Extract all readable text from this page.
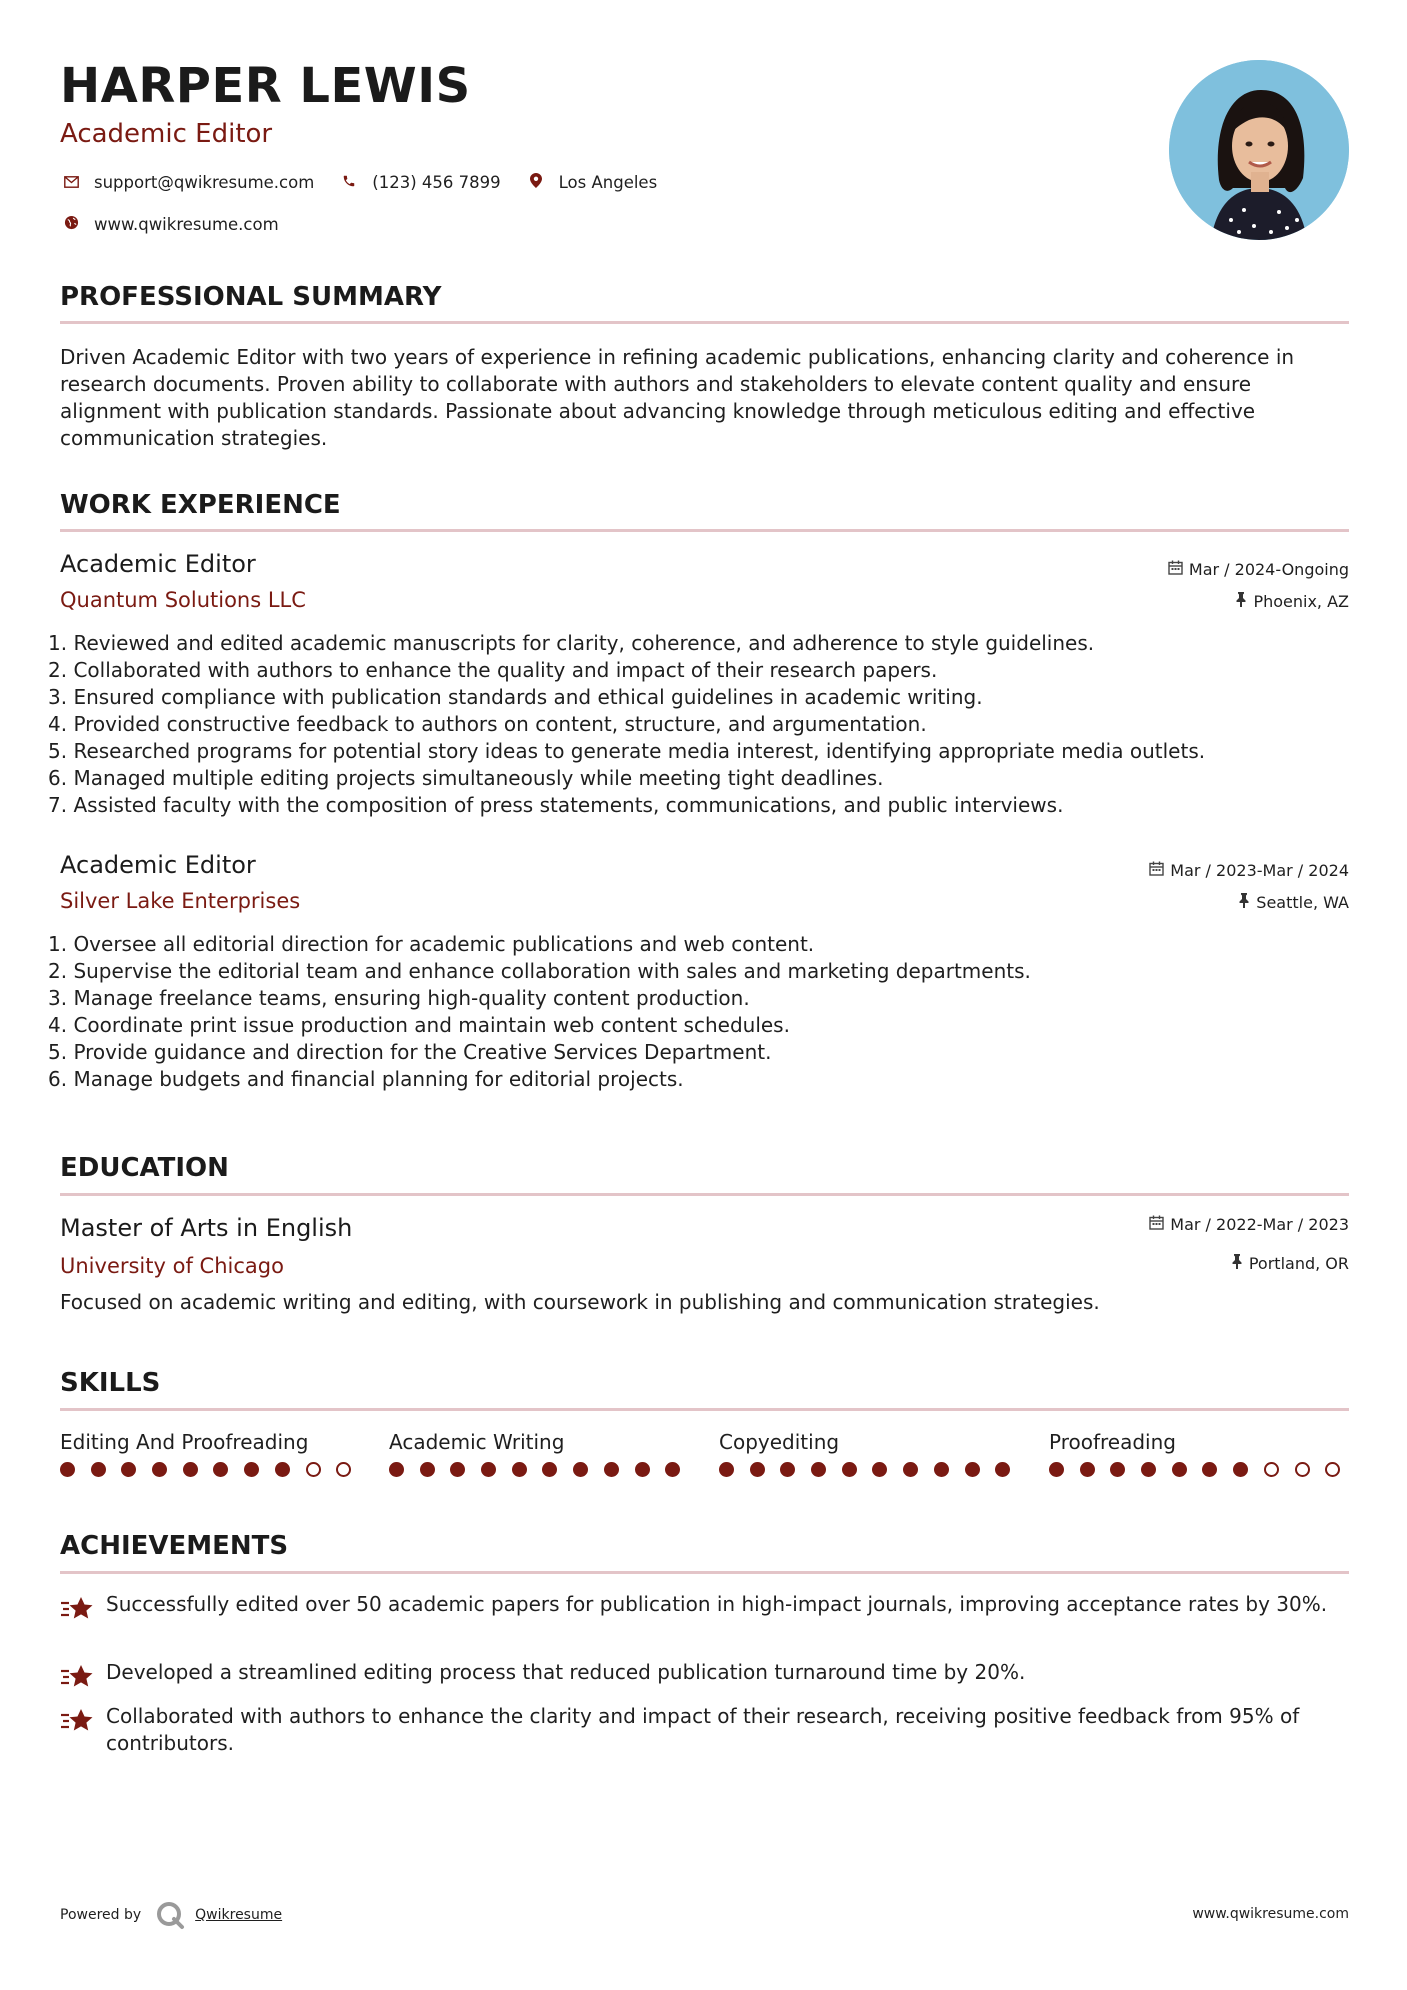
HARPER LEWIS
Academic Editor
support@qwikresume.com	(123) 456 7899	Los Angeles
www.qwikresume.com
PROFESSIONAL SUMMARY

Driven Academic Editor with two years of experience in refining academic publications, enhancing clarity and coherence in research documents. Proven ability to collaborate with authors and stakeholders to elevate content quality and ensure alignment with publication standards. Passionate about advancing knowledge through meticulous editing and effective communication strategies.

WORK EXPERIENCE
Academic Editor	Mar / 2024-Ongoing
Quantum Solutions LLC	Phoenix, AZ
1. Reviewed and edited academic manuscripts for clarity, coherence, and adherence to style guidelines.
2. Collaborated with authors to enhance the quality and impact of their research papers.
3. Ensured compliance with publication standards and ethical guidelines in academic writing.
4. Provided constructive feedback to authors on content, structure, and argumentation.
5. Researched programs for potential story ideas to generate media interest, identifying appropriate media outlets.
6. Managed multiple editing projects simultaneously while meeting tight deadlines.
7. Assisted faculty with the composition of press statements, communications, and public interviews.
Academic Editor	Mar / 2023-Mar / 2024
Silver Lake Enterprises	Seattle, WA
1. Oversee all editorial direction for academic publications and web content.
2. Supervise the editorial team and enhance collaboration with sales and marketing departments.
3. Manage freelance teams, ensuring high-quality content production.
4. Coordinate print issue production and maintain web content schedules.
5. Provide guidance and direction for the Creative Services Department.
6. Manage budgets and financial planning for editorial projects.
EDUCATION
Master of Arts in English	Mar / 2022-Mar / 2023
University of Chicago	Portland, OR

Focused on academic writing and editing, with coursework in publishing and communication strategies.

SKILLS
Editing And Proofreading	Academic Writing	Copyediting	Proofreading
ACHIEVEMENTS
Successfully edited over 50 academic papers for publication in high-impact journals, improving acceptance rates by 30%.
Developed a streamlined editing process that reduced publication turnaround time by 20%.
Collaborated with authors to enhance the clarity and impact of their research, receiving positive feedback from 95% of contributors.
Powered by	Qwikresume	www.qwikresume.com
